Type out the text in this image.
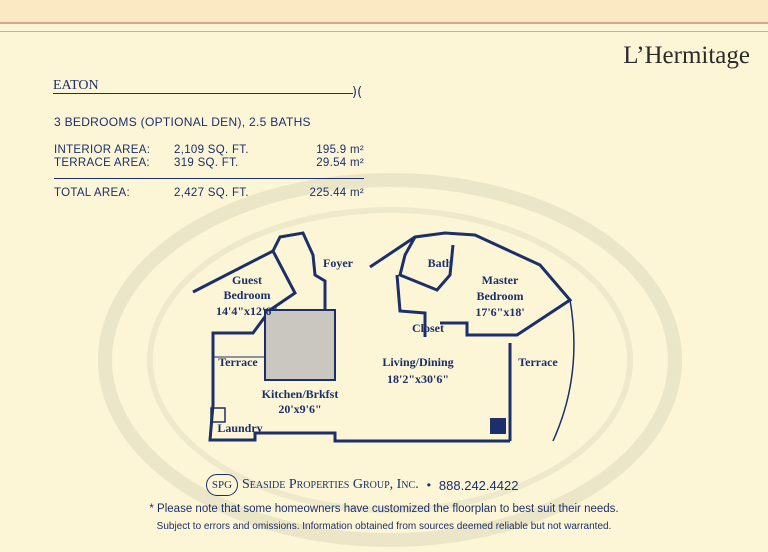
L’Hermitage
EATON	)(
3 BEDROOMS (OPTIONAL DEN), 2.5 BATHS
INTERIOR AREA: 2,109 SQ. FT.	195.9 m²
TERRACE AREA: 319 SQ. FT.	29.54 m²
TOTAL AREA:	2,427 SQ. FT.	225.44 m²
Guest
Bedroom
14'4"x12'6"
Foyer	Bath
Master
Bedroom
17'6"x18'
Closet
Living/Dining
18'2"x30'6"
Terrace	Terrace
Kitchen/Brkfst
20'x9'6"
Laundry
SPG Seaside Properties Group, Inc. • 888.242.4422
* Please note that some homeowners have customized the floorplan to best suit their needs.
Subject to errors and omissions. Information obtained from sources deemed reliable but not warranted.
